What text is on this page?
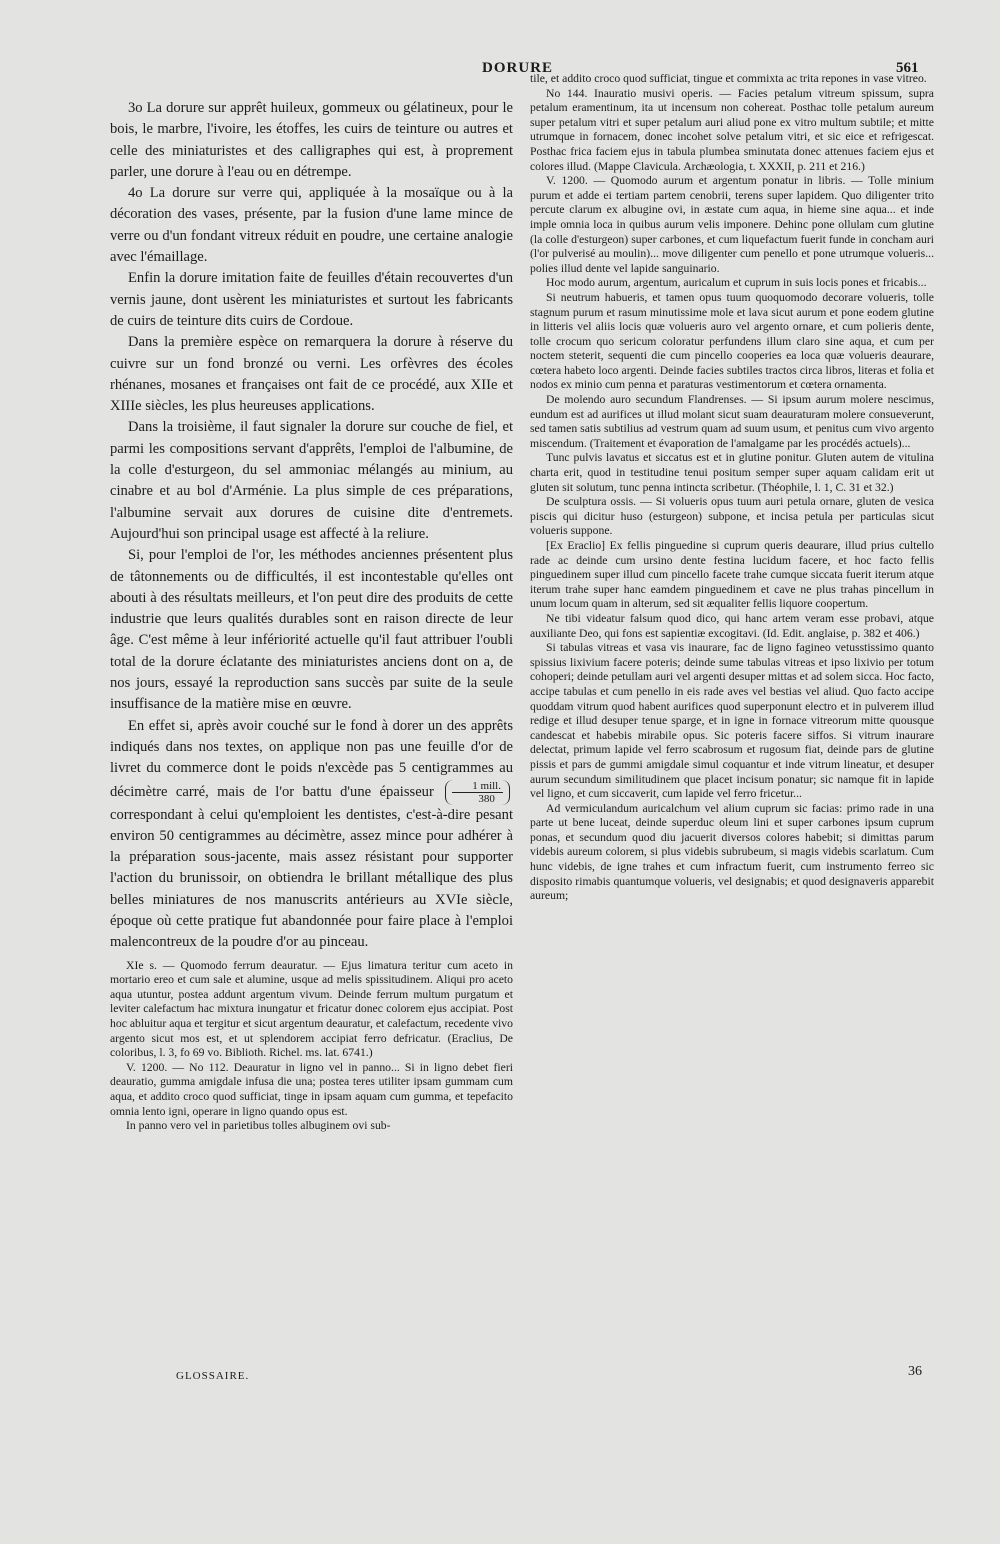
DORURE	561

3o La dorure sur apprêt huileux, gommeux ou gélatineux, pour le bois, le marbre, l'ivoire, les étoffes, les cuirs de teinture ou autres et celle des miniaturistes et des calligraphes qui est, à proprement parler, une dorure à l'eau ou en détrempe.

4o La dorure sur verre qui, appliquée à la mosaïque ou à la décoration des vases, présente, par la fusion d'une lame mince de verre ou d'un fondant vitreux réduit en poudre, une certaine analogie avec l'émaillage.

Enfin la dorure imitation faite de feuilles d'étain recouvertes d'un vernis jaune, dont usèrent les miniaturistes et surtout les fabricants de cuirs de teinture dits cuirs de Cordoue.

Dans la première espèce on remarquera la dorure à réserve du cuivre sur un fond bronzé ou verni. Les orfèvres des écoles rhénanes, mosanes et françaises ont fait de ce procédé, aux XIIe et XIIIe siècles, les plus heureuses applications.

Dans la troisième, il faut signaler la dorure sur couche de fiel, et parmi les compositions servant d'apprêts, l'emploi de l'albumine, de la colle d'esturgeon, du sel ammoniac mélangés au minium, au cinabre et au bol d'Arménie. La plus simple de ces préparations, l'albumine servait aux dorures de cuisine dite d'entremets. Aujourd'hui son principal usage est affecté à la reliure.

Si, pour l'emploi de l'or, les méthodes anciennes présentent plus de tâtonnements ou de difficultés, il est incontestable qu'elles ont abouti à des résultats meilleurs, et l'on peut dire des produits de cette industrie que leurs qualités durables sont en raison directe de leur âge. C'est même à leur infériorité actuelle qu'il faut attribuer l'oubli total de la dorure éclatante des miniaturistes anciens dont on a, de nos jours, essayé la reproduction sans succès par suite de la seule insuffisance de la matière mise en œuvre.

En effet si, après avoir couché sur le fond à dorer un des apprêts indiqués dans nos textes, on applique non pas une feuille d'or de livret du commerce dont le poids n'excède pas 5 centigrammes au décimètre carré, mais de l'or battu d'une épaisseur $\frac{\text{1 mill.}}{380}$
correspondant à celui qu'emploient les dentistes, c'est-à-dire pesant environ 50 centigrammes au décimètre, assez mince pour adhérer à la préparation sous-jacente, mais assez résistant pour supporter l'action du brunissoir, on obtiendra le brillant métallique des plus belles miniatures de nos manuscrits antérieurs au XVIe siècle, époque où cette pratique fut abandonnée pour faire place à l'emploi malencontreux de la poudre d'or au pinceau.

XIe s. — Quomodo ferrum deauratur. — Ejus limatura teritur cum aceto in mortario ereo et cum sale et alumine, usque ad melis spissitudinem. Aliqui pro aceto aqua utuntur, postea addunt argentum vivum. Deinde ferrum multum purgatum et leviter calefactum hac mixtura inungatur et fricatur donec colorem ejus accipiat. Post hoc abluitur aqua et tergitur et sicut argentum deauratur, et calefactum, recedente vivo argento sicut mos est, et ut splendorem accipiat ferro defricatur. (Eraclius, De coloribus, l. 3, fo 69 vo. Biblioth. Richel. ms. lat. 6741.)

V. 1200. — No 112. Deauratur in ligno vel in panno... Si in ligno debet fieri deauratio, gumma amigdale infusa die una; postea teres utiliter ipsam gummam cum aqua, et addito croco quod sufficiat, tinge in ipsam aquam cum gumma, et tepefacito omnia lento igni, operare in ligno quando opus est.

In panno vero vel in parietibus tolles albuginem ovi sub-

tile, et addito croco quod sufficiat, tingue et commixta ac trita repones in vase vitreo.

No 144. Inauratio musivi operis. — Facies petalum vitreum spissum, supra petalum eramentinum, ita ut incensum non cohereat. Posthac tolle petalum aureum super petalum vitri et super petalum auri aliud pone ex vitro multum subtile; et mitte utrumque in fornacem, donec incohet solve petalum vitri, et sic eice et refrigescat. Posthac frica faciem ejus in tabula plumbea sminutata donec attenues faciem ejus et colores illud. (Mappe Clavicula. Archæologia, t. XXXII, p. 211 et 216.)

V. 1200. — Quomodo aurum et argentum ponatur in libris. — Tolle minium purum et adde ei tertiam partem cenobrii, terens super lapidem. Quo diligenter trito percute clarum ex albugine ovi, in æstate cum aqua, in hieme sine aqua... et inde imple omnia loca in quibus aurum velis imponere. Dehinc pone ollulam cum glutine (la colle d'esturgeon) super carbones, et cum liquefactum fuerit funde in concham auri (l'or pulverisé au moulin)... move diligenter cum penello et pone utrumque volueris... polies illud dente vel lapide sanguinario.

Hoc modo aurum, argentum, auricalum et cuprum in suis locis pones et fricabis...

Si neutrum habueris, et tamen opus tuum quoquomodo decorare volueris, tolle stagnum purum et rasum minutissime mole et lava sicut aurum et pone eodem glutine in litteris vel aliis locis quæ volueris auro vel argento ornare, et cum polieris dente, tolle crocum quo sericum coloratur perfundens illum claro sine aqua, et cum per noctem steterit, sequenti die cum pincello cooperies ea loca quæ volueris deaurare, cœtera habeto loco argenti. Deinde facies subtiles tractos circa libros, literas et folia et nodos ex minio cum penna et paraturas vestimentorum et cœtera ornamenta.

De molendo auro secundum Flandrenses. — Si ipsum aurum molere nescimus, eundum est ad aurifices ut illud molant sicut suam deauraturam molere consueverunt, sed tamen satis subtilius ad vestrum quam ad suum usum, et penitus cum vivo argento miscendum. (Traitement et évaporation de l'amalgame par les procédés actuels)...

Tunc pulvis lavatus et siccatus est et in glutine ponitur. Gluten autem de vitulina charta erit, quod in testitudine tenui positum semper super aquam calidam erit ut gluten sit solutum, tunc penna intincta scribetur. (Théophile, l. 1, C. 31 et 32.)

De sculptura ossis. — Si volueris opus tuum auri petula ornare, gluten de vesica piscis qui dicitur huso (esturgeon) subpone, et incisa petula per particulas sicut volueris suppone.

[Ex Eraclio] Ex fellis pinguedine si cuprum queris deaurare, illud prius cultello rade ac deinde cum ursino dente festina lucidum facere, et hoc facto fellis pinguedinem super illud cum pincello facete trahe cumque siccata fuerit iterum atque iterum trahe super hanc eamdem pinguedinem et cave ne plus trahas pincellum in unum locum quam in alterum, sed sit æqualiter fellis liquore coopertum.

Ne tibi videatur falsum quod dico, qui hanc artem veram esse probavi, atque auxiliante Deo, qui fons est sapientiæ excogitavi. (Id. Edit. anglaise, p. 382 et 406.)

Si tabulas vitreas et vasa vis inaurare, fac de ligno fagineo vetusstissimo quanto spissius lixivium facere poteris; deinde sume tabulas vitreas et ipso lixivio per totum cohoperi; deinde petullam auri vel argenti desuper mittas et ad solem sicca. Hoc facto, accipe tabulas et cum penello in eis rade aves vel bestias vel aliud. Quo facto accipe quoddam vitrum quod habent aurifices quod superponunt electro et in pulverem illud redige et illud desuper tenue sparge, et in igne in fornace vitreorum mitte quousque candescat et habebis mirabile opus. Sic poteris facere siffos. Si vitrum inaurare delectat, primum lapide vel ferro scabrosum et rugosum fiat, deinde pars de glutine pissis et pars de gummi amigdale simul coquantur et inde vitrum lineatur, et desuper aurum secundum similitudinem que placet incisum ponatur; sic namque fit in lapide vel ligno, et cum siccaverit, cum lapide vel ferro fricetur...

Ad vermiculandum auricalchum vel alium cuprum sic facias: primo rade in una parte ut bene luceat, deinde superduc oleum lini et super carbones ipsum cuprum ponas, et secundum quod diu jacuerit diversos colores habebit; si dimittas parum videbis aureum colorem, si plus videbis subrubeum, si magis videbis scarlatum. Cum hunc videbis, de igne trahes et cum infractum fuerit, cum instrumento ferreo sic disposito rimabis quantumque volueris, vel designabis; et quod designaveris apparebit aureum;

GLOSSAIRE.	36
